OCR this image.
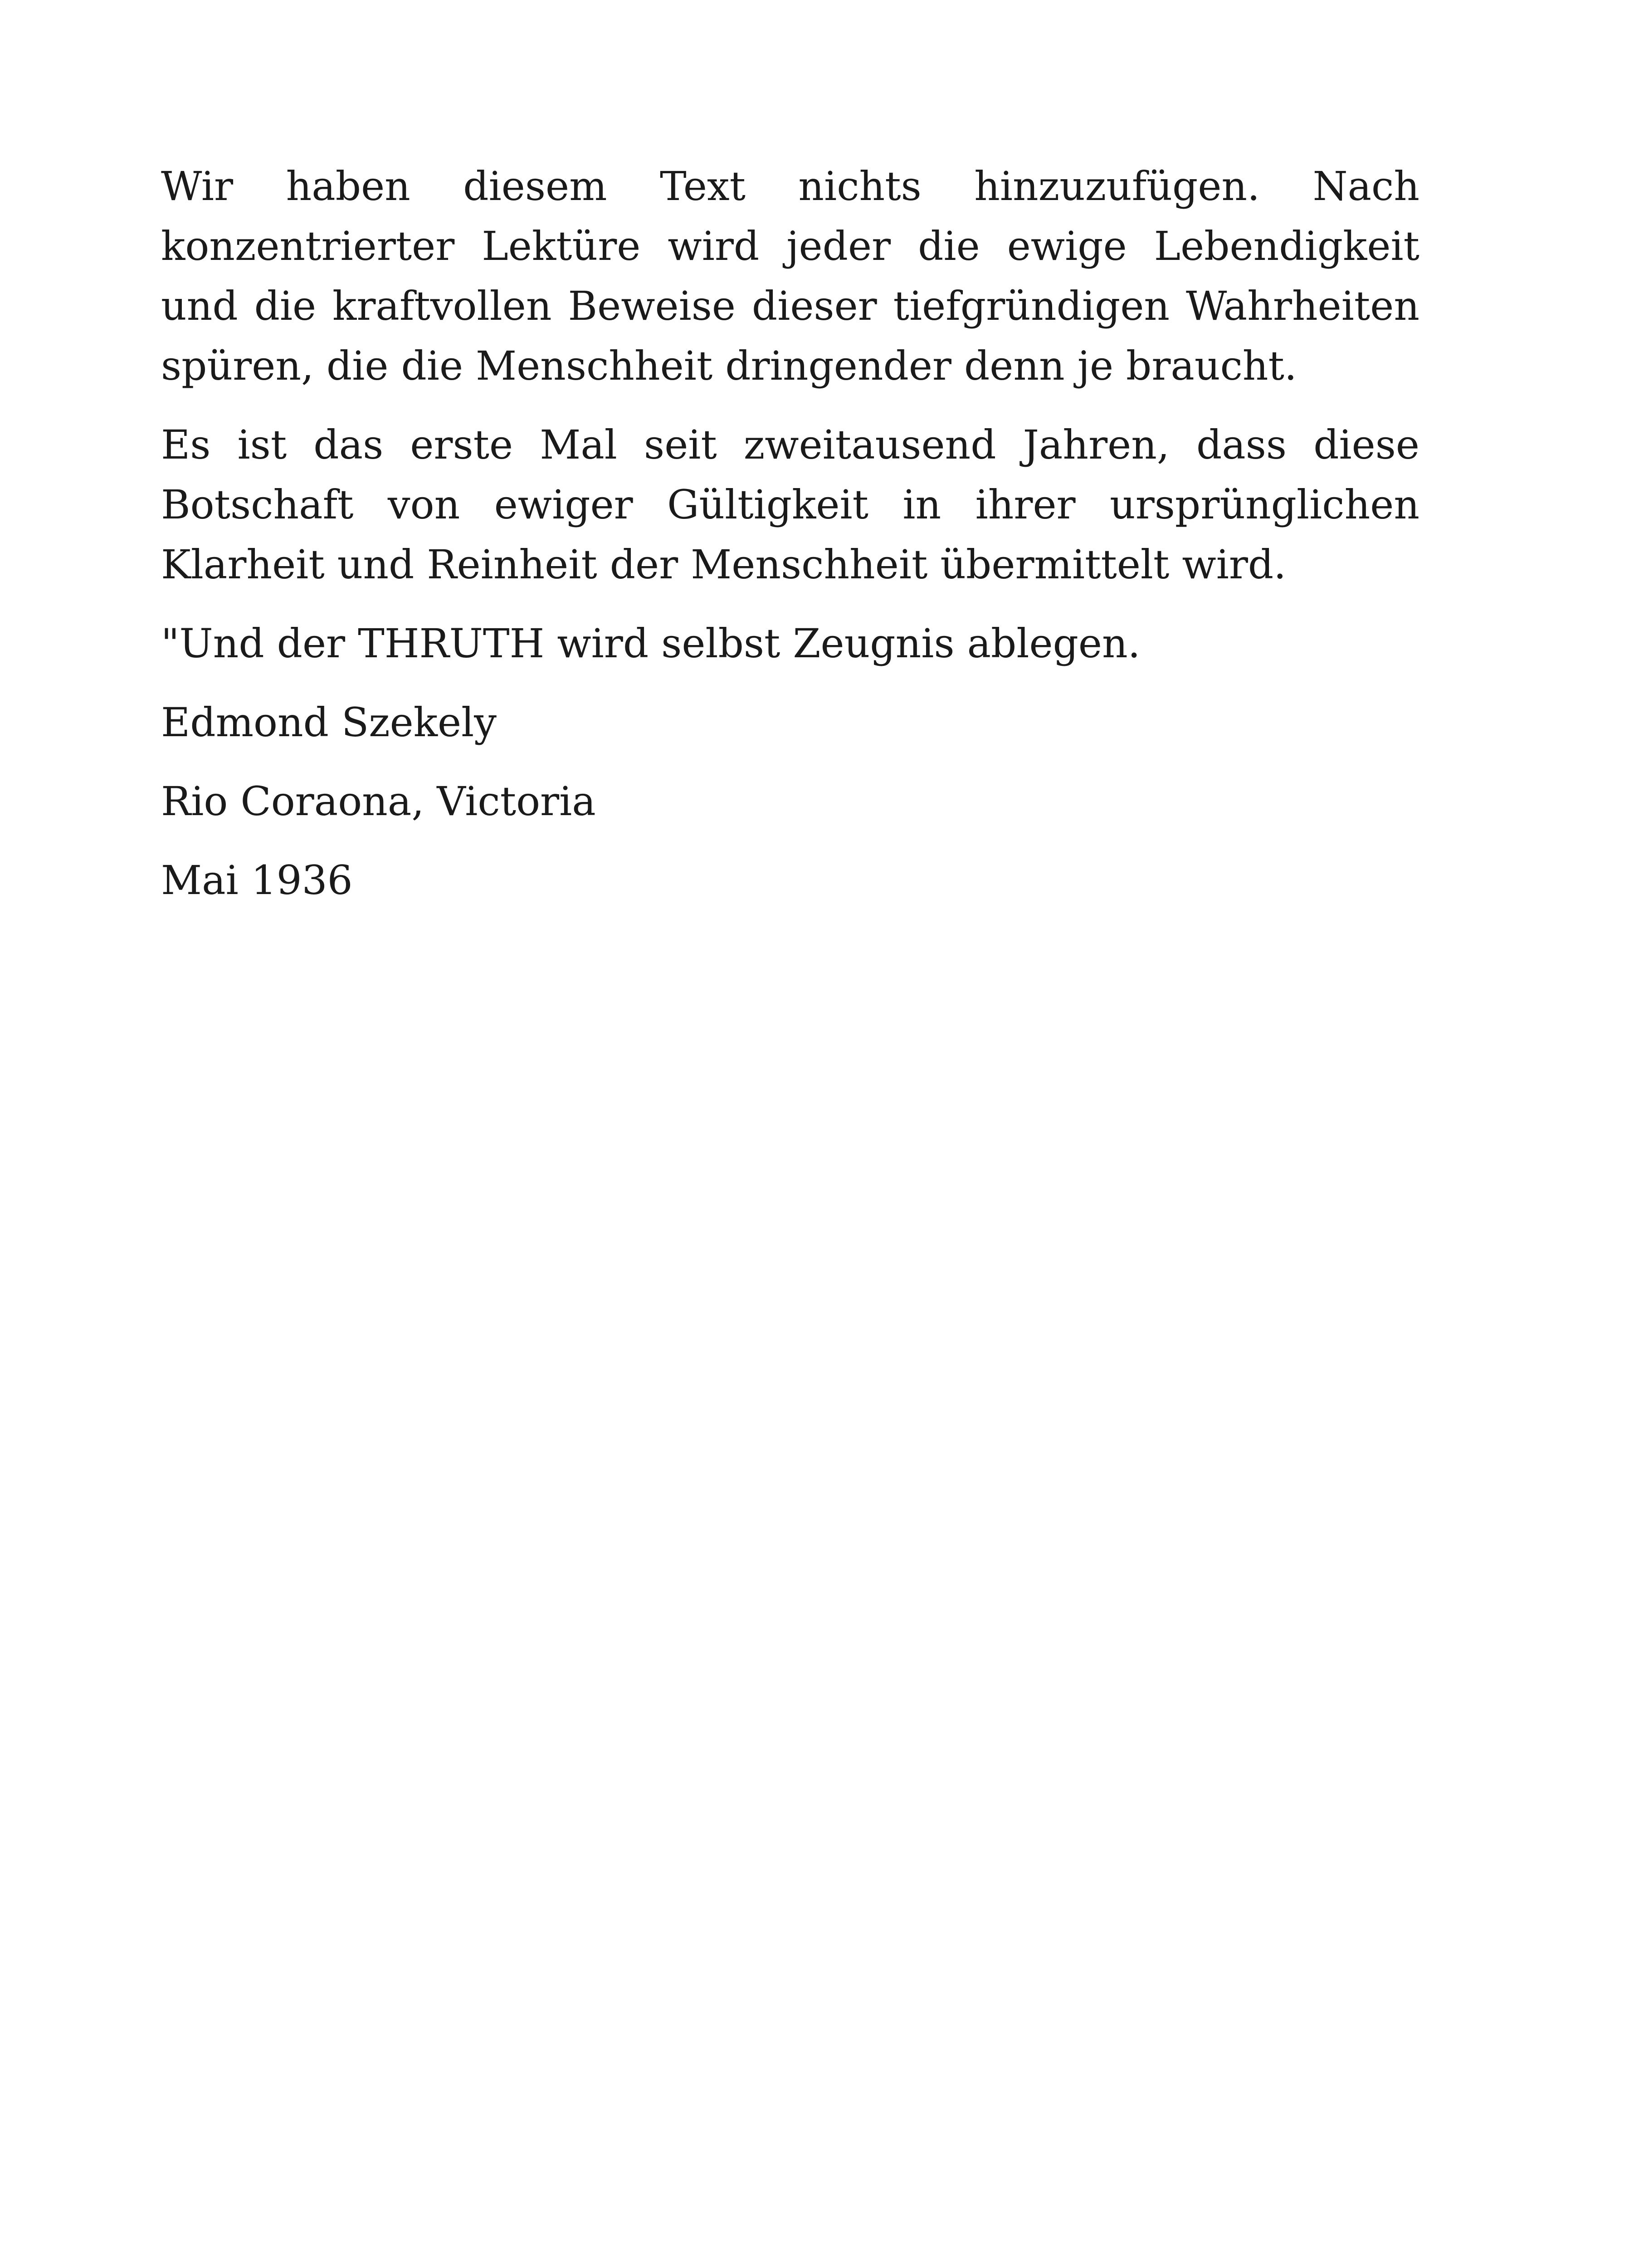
Wir haben diesem Text nichts hinzuzufügen. Nach konzentrierter Lektüre wird jeder die ewige Lebendigkeit und die kraftvollen Beweise dieser tiefgründigen Wahrheiten spüren, die die Menschheit dringender denn je braucht.

Es ist das erste Mal seit zweitausend Jahren, dass diese Botschaft von ewiger Gültigkeit in ihrer ursprünglichen Klarheit und Reinheit der Menschheit übermittelt wird.

"Und der THRUTH wird selbst Zeugnis ablegen.

Edmond Szekely

Rio Coraona, Victoria

Mai 1936
